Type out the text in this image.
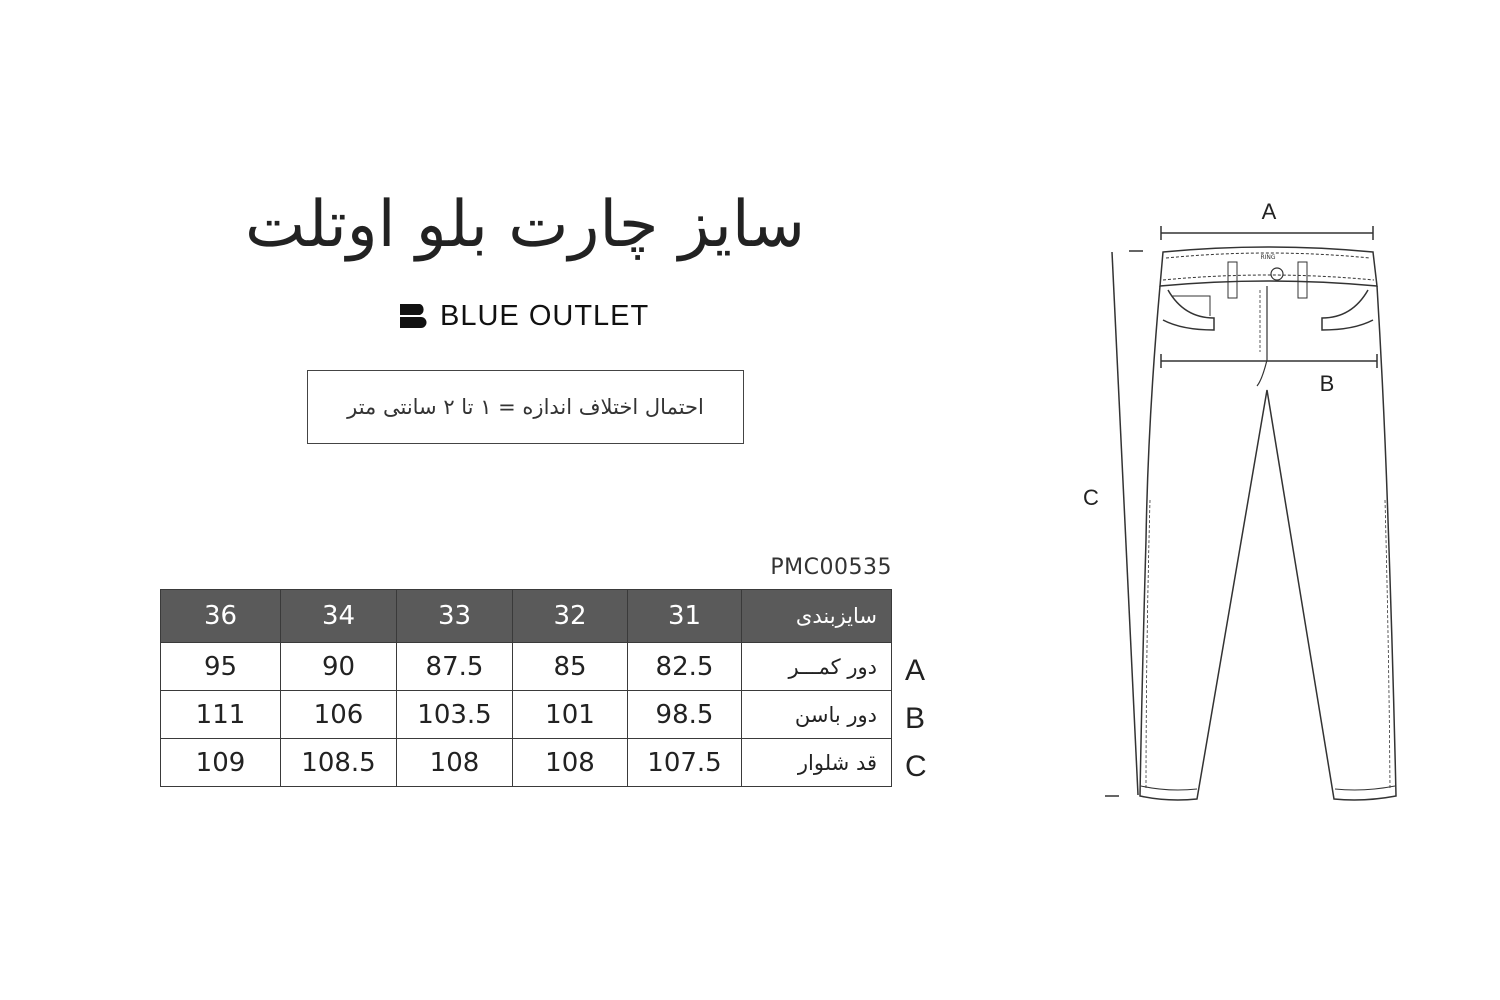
سایز چارت بلو اوتلت
BLUE OUTLET
احتمال اختلاف اندازه = ۱ تا ۲ سانتی متر
PMC00535
36	34	33	32	31	سایزبندی
95	90	87.5	85	82.5	دور کمـــر
111	106	103.5	101	98.5	دور باسن
109	108.5	108	108	107.5	قد شلوار
A
B
C
RING
A
B
C
